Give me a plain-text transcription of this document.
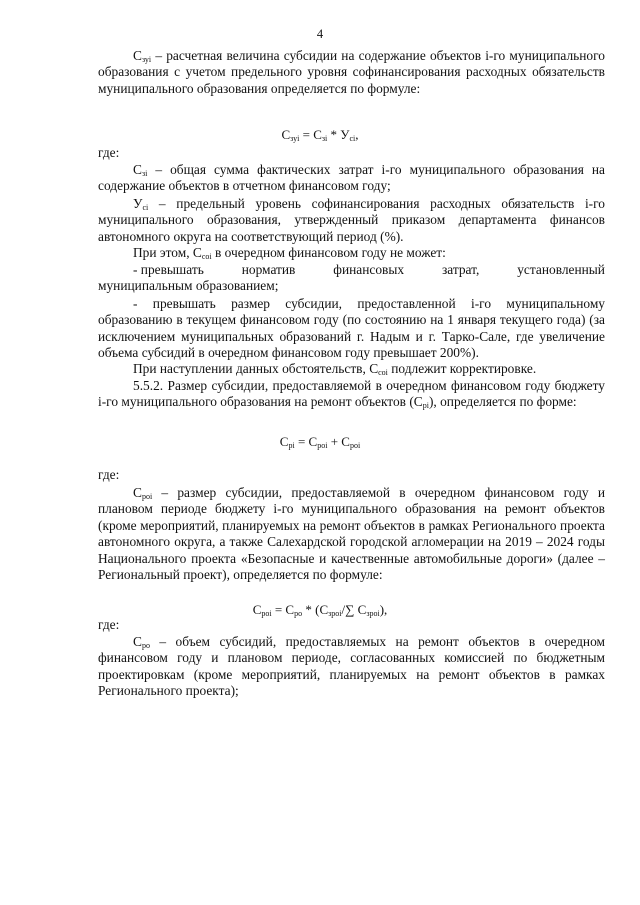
4
$С_{зуi}$ – расчетная величина субсидии на содержание объектов i-го муниципального образования с учетом предельного уровня софинансирования расходных обязательств муниципального образования определяется по формуле:
$С_{зуi} = С_{зi} * У_{ci}$,
где:
$С_{зi}$ – общая сумма фактических затрат i-го муниципального образования на содержание объектов в отчетном финансовом году;
$У_{ci}$ – предельный уровень софинансирования расходных обязательств i-го муниципального образования, утвержденный приказом департамента финансов автономного округа на соответствующий период (%).
При этом, $С_{coi}$ в очередном финансовом году не может:
- превышать	норматив	финансовых	затрат,	установленный
муниципальным образованием;
- превышать размер субсидии, предоставленной i-го муниципальному образованию в текущем финансовом году (по состоянию на 1 января текущего года) (за исключением муниципальных образований г. Надым и г. Тарко-Сале, где увеличение объема субсидий в очередном финансовом году превышает 200%).
При наступлении данных обстоятельств, $С_{coi}$ подлежит корректировке.
5.5.2. Размер субсидии, предоставляемой в очередном финансовом году бюджету i-го муниципального образования на ремонт объектов $(С_{рi})$, определяется по форме:
$С_{рi} = С_{роi} + С_{рoi}$
где:
$С_{роi}$ – размер субсидии, предоставляемой в очередном финансовом году и плановом периоде бюджету i-го муниципального образования на ремонт объектов (кроме мероприятий, планируемых на ремонт объектов в рамках Регионального проекта автономного округа, а также Салехардской городской агломерации на 2019 – 2024 годы Национального проекта «Безопасные и качественные автомобильные дороги» (далее – Региональный проект), определяется по формуле:
$С_{роi} = С_{ро} * (С_{зроi}/\sum$ $С_{зроi}$),
где:
$С_{ро}$ – объем субсидий, предоставляемых на ремонт объектов в очередном финансовом году и плановом периоде, согласованных комиссией по бюджетным проектировкам (кроме мероприятий, планируемых на ремонт объектов в рамках Регионального проекта);
